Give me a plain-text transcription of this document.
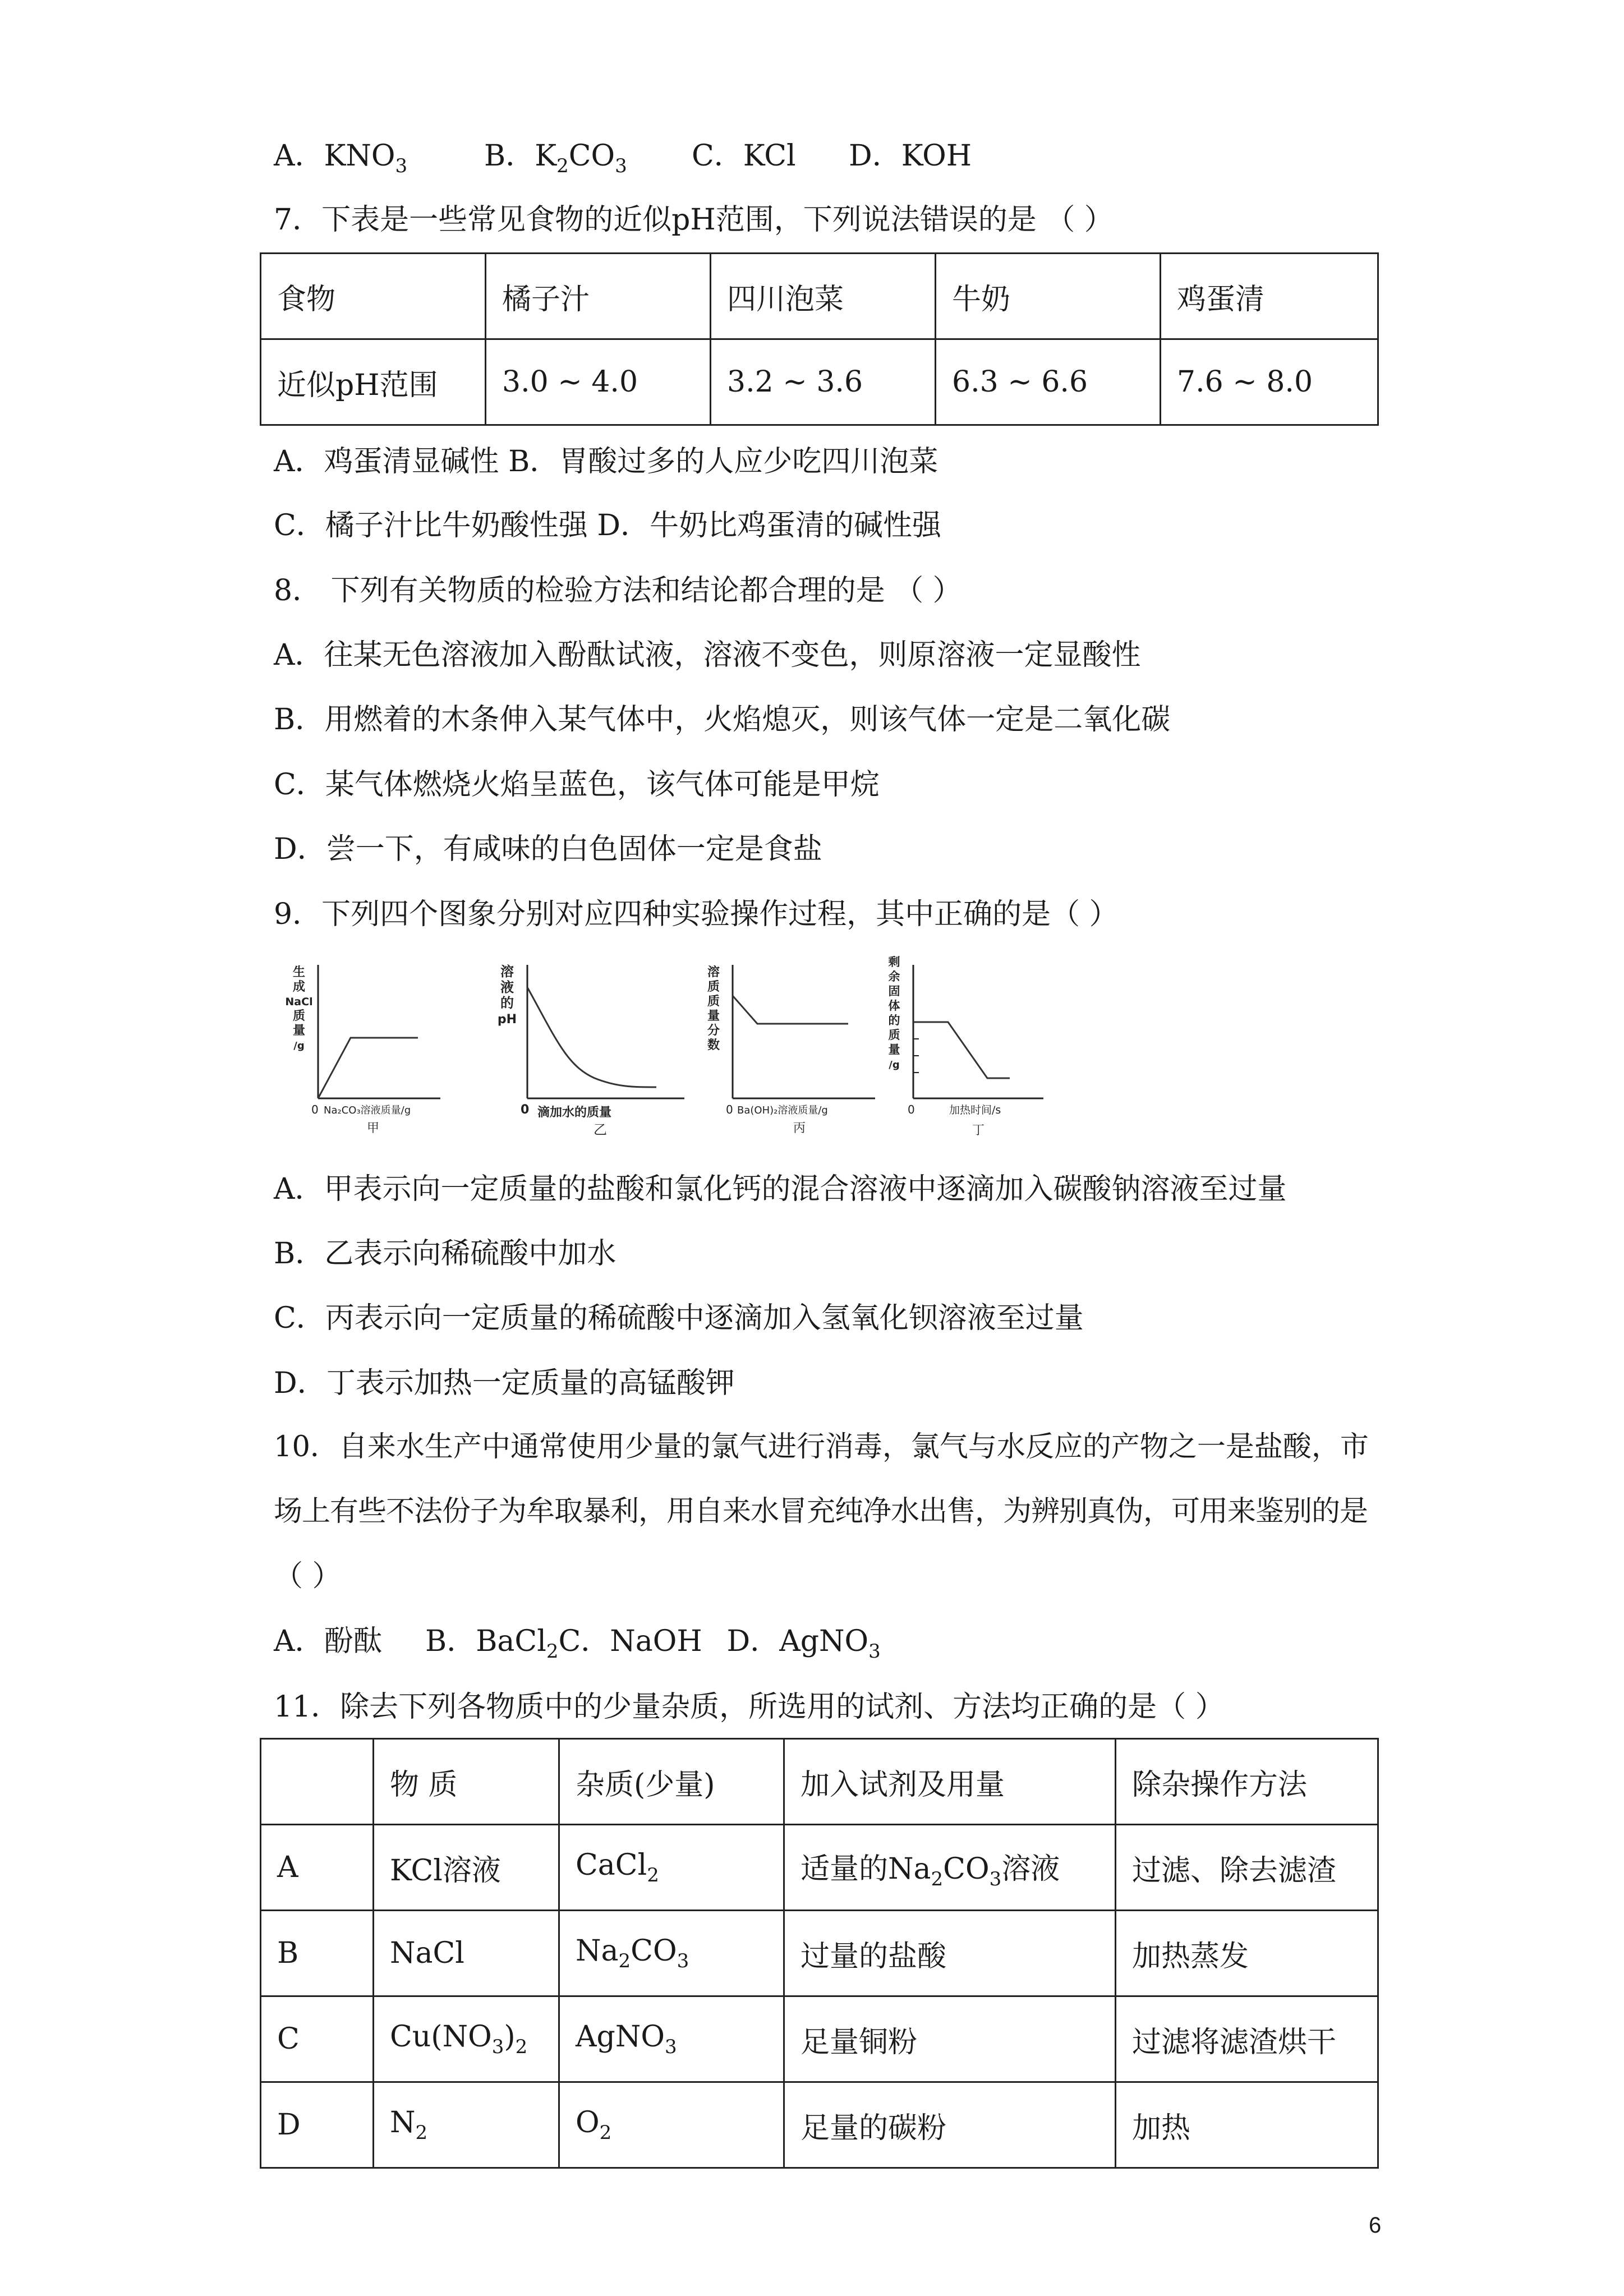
A．$KNO_3$	B．$K_2CO_3$ C．KCl D．KOH
7．下表是一些常见食物的近似pH范围，下列说法错误的是 （ ）
食物	橘子汁	四川泡菜	牛奶	鸡蛋清
近似pH范围	3.0 ~ 4.0	3.2 ~ 3.6	6.3 ~ 6.6	7.6 ~ 8.0
A．鸡蛋清显碱性 B．胃酸过多的人应少吃四川泡菜
C．橘子汁比牛奶酸性强 D．牛奶比鸡蛋清的碱性强
8． 下列有关物质的检验方法和结论都合理的是 （ ）
A．往某无色溶液加入酚酞试液，溶液不变色，则原溶液一定显酸性
B．用燃着的木条伸入某气体中，火焰熄灭，则该气体一定是二氧化碳
C．某气体燃烧火焰呈蓝色，该气体可能是甲烷
D．尝一下，有咸味的白色固体一定是食盐
9．下列四个图象分别对应四种实验操作过程，其中正确的是（ ）
生
成
NaCl
质
量
/g
0 Na₂CO₃溶液质量/g
甲
溶
液
的
pH
0 滴加水的质量
乙
溶
质
质
量
分
数
0 Ba(OH)₂溶液质量/g
丙
剩
余
固
体
的
质
量
/g
0	加热时间/s
丁
A．甲表示向一定质量的盐酸和氯化钙的混合溶液中逐滴加入碳酸钠溶液至过量
B．乙表示向稀硫酸中加水
C．丙表示向一定质量的稀硫酸中逐滴加入氢氧化钡溶液至过量
D．丁表示加热一定质量的高锰酸钾
10．自来水生产中通常使用少量的氯气进行消毒，氯气与水反应的产物之一是盐酸，市
场上有些不法份子为牟取暴利，用自来水冒充纯净水出售，为辨别真伪，可用来鉴别的是
（ ）
A．酚酞 B．BaCl$_2$C．NaOH D．AgNO$_3$
11．除去下列各物质中的少量杂质，所选用的试剂、方法均正确的是（ ）
	物 质	杂质(少量)	加入试剂及用量	除杂操作方法
A	KCl溶液	CaCl$_2$	适量的$Na_2CO_3$溶液	过滤、除去滤渣
B	NaCl	$Na_2CO_3$	过量的盐酸	加热蒸发
C	$Cu(NO_3)_2$	AgNO$_3$	足量铜粉	过滤将滤渣烘干
D	$N_2$	$O_2$	足量的碳粉	加热
6
